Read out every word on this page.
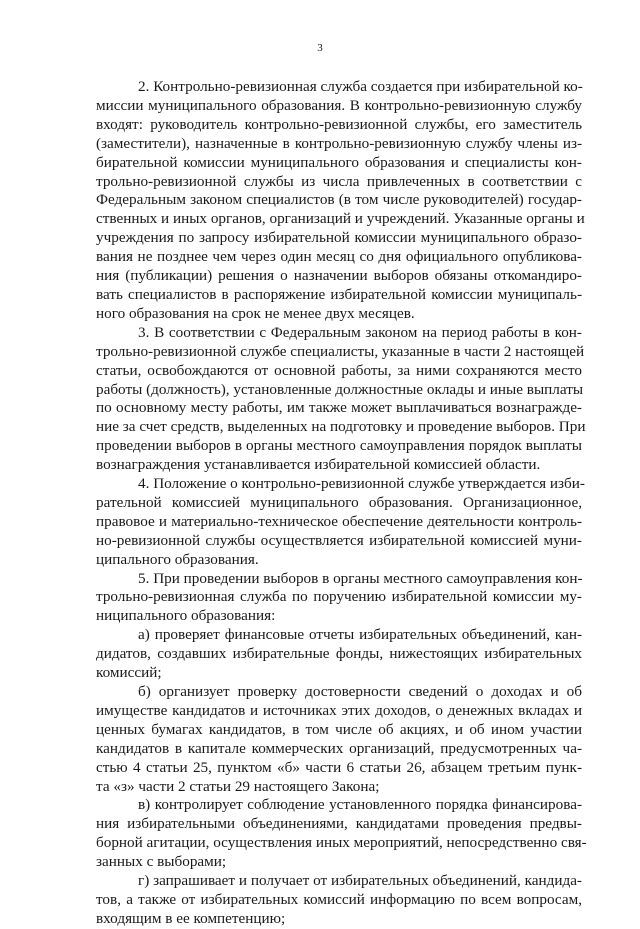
3
2. Контрольно-ревизионная служба создается при избирательной ко-
миссии муниципального образования. В контрольно-ревизионную службу
входят: руководитель контрольно-ревизионной службы, его заместитель
(заместители), назначенные в контрольно-ревизионную службу члены из-
бирательной комиссии муниципального образования и специалисты кон-
трольно-ревизионной службы из числа привлеченных в соответствии с
Федеральным законом специалистов (в том числе руководителей) государ-
ственных и иных органов, организаций и учреждений. Указанные органы и
учреждения по запросу избирательной комиссии муниципального образо-
вания не позднее чем через один месяц со дня официального опубликова-
ния (публикации) решения о назначении выборов обязаны откомандиро-
вать специалистов в распоряжение избирательной комиссии муниципаль-
ного образования на срок не менее двух месяцев.
3. В соответствии с Федеральным законом на период работы в кон-
трольно-ревизионной службе специалисты, указанные в части 2 настоящей
статьи, освобождаются от основной работы, за ними сохраняются место
работы (должность), установленные должностные оклады и иные выплаты
по основному месту работы, им также может выплачиваться вознагражде-
ние за счет средств, выделенных на подготовку и проведение выборов. При
проведении выборов в органы местного самоуправления порядок выплаты
вознаграждения устанавливается избирательной комиссией области.
4. Положение о контрольно-ревизионной службе утверждается изби-
рательной комиссией муниципального образования. Организационное,
правовое и материально-техническое обеспечение деятельности контроль-
но-ревизионной службы осуществляется избирательной комиссией муни-
ципального образования.
5. При проведении выборов в органы местного самоуправления кон-
трольно-ревизионная служба по поручению избирательной комиссии му-
ниципального образования:
а) проверяет финансовые отчеты избирательных объединений, кан-
дидатов, создавших избирательные фонды, нижестоящих избирательных
комиссий;
б) организует проверку достоверности сведений о доходах и об
имуществе кандидатов и источниках этих доходов, о денежных вкладах и
ценных бумагах кандидатов, в том числе об акциях, и об ином участии
кандидатов в капитале коммерческих организаций, предусмотренных ча-
стью 4 статьи 25, пунктом «б» части 6 статьи 26, абзацем третьим пунк-
та «з» части 2 статьи 29 настоящего Закона;
в) контролирует соблюдение установленного порядка финансирова-
ния избирательными объединениями, кандидатами проведения предвы-
борной агитации, осуществления иных мероприятий, непосредственно свя-
занных с выборами;
г) запрашивает и получает от избирательных объединений, кандида-
тов, а также от избирательных комиссий информацию по всем вопросам,
входящим в ее компетенцию;
